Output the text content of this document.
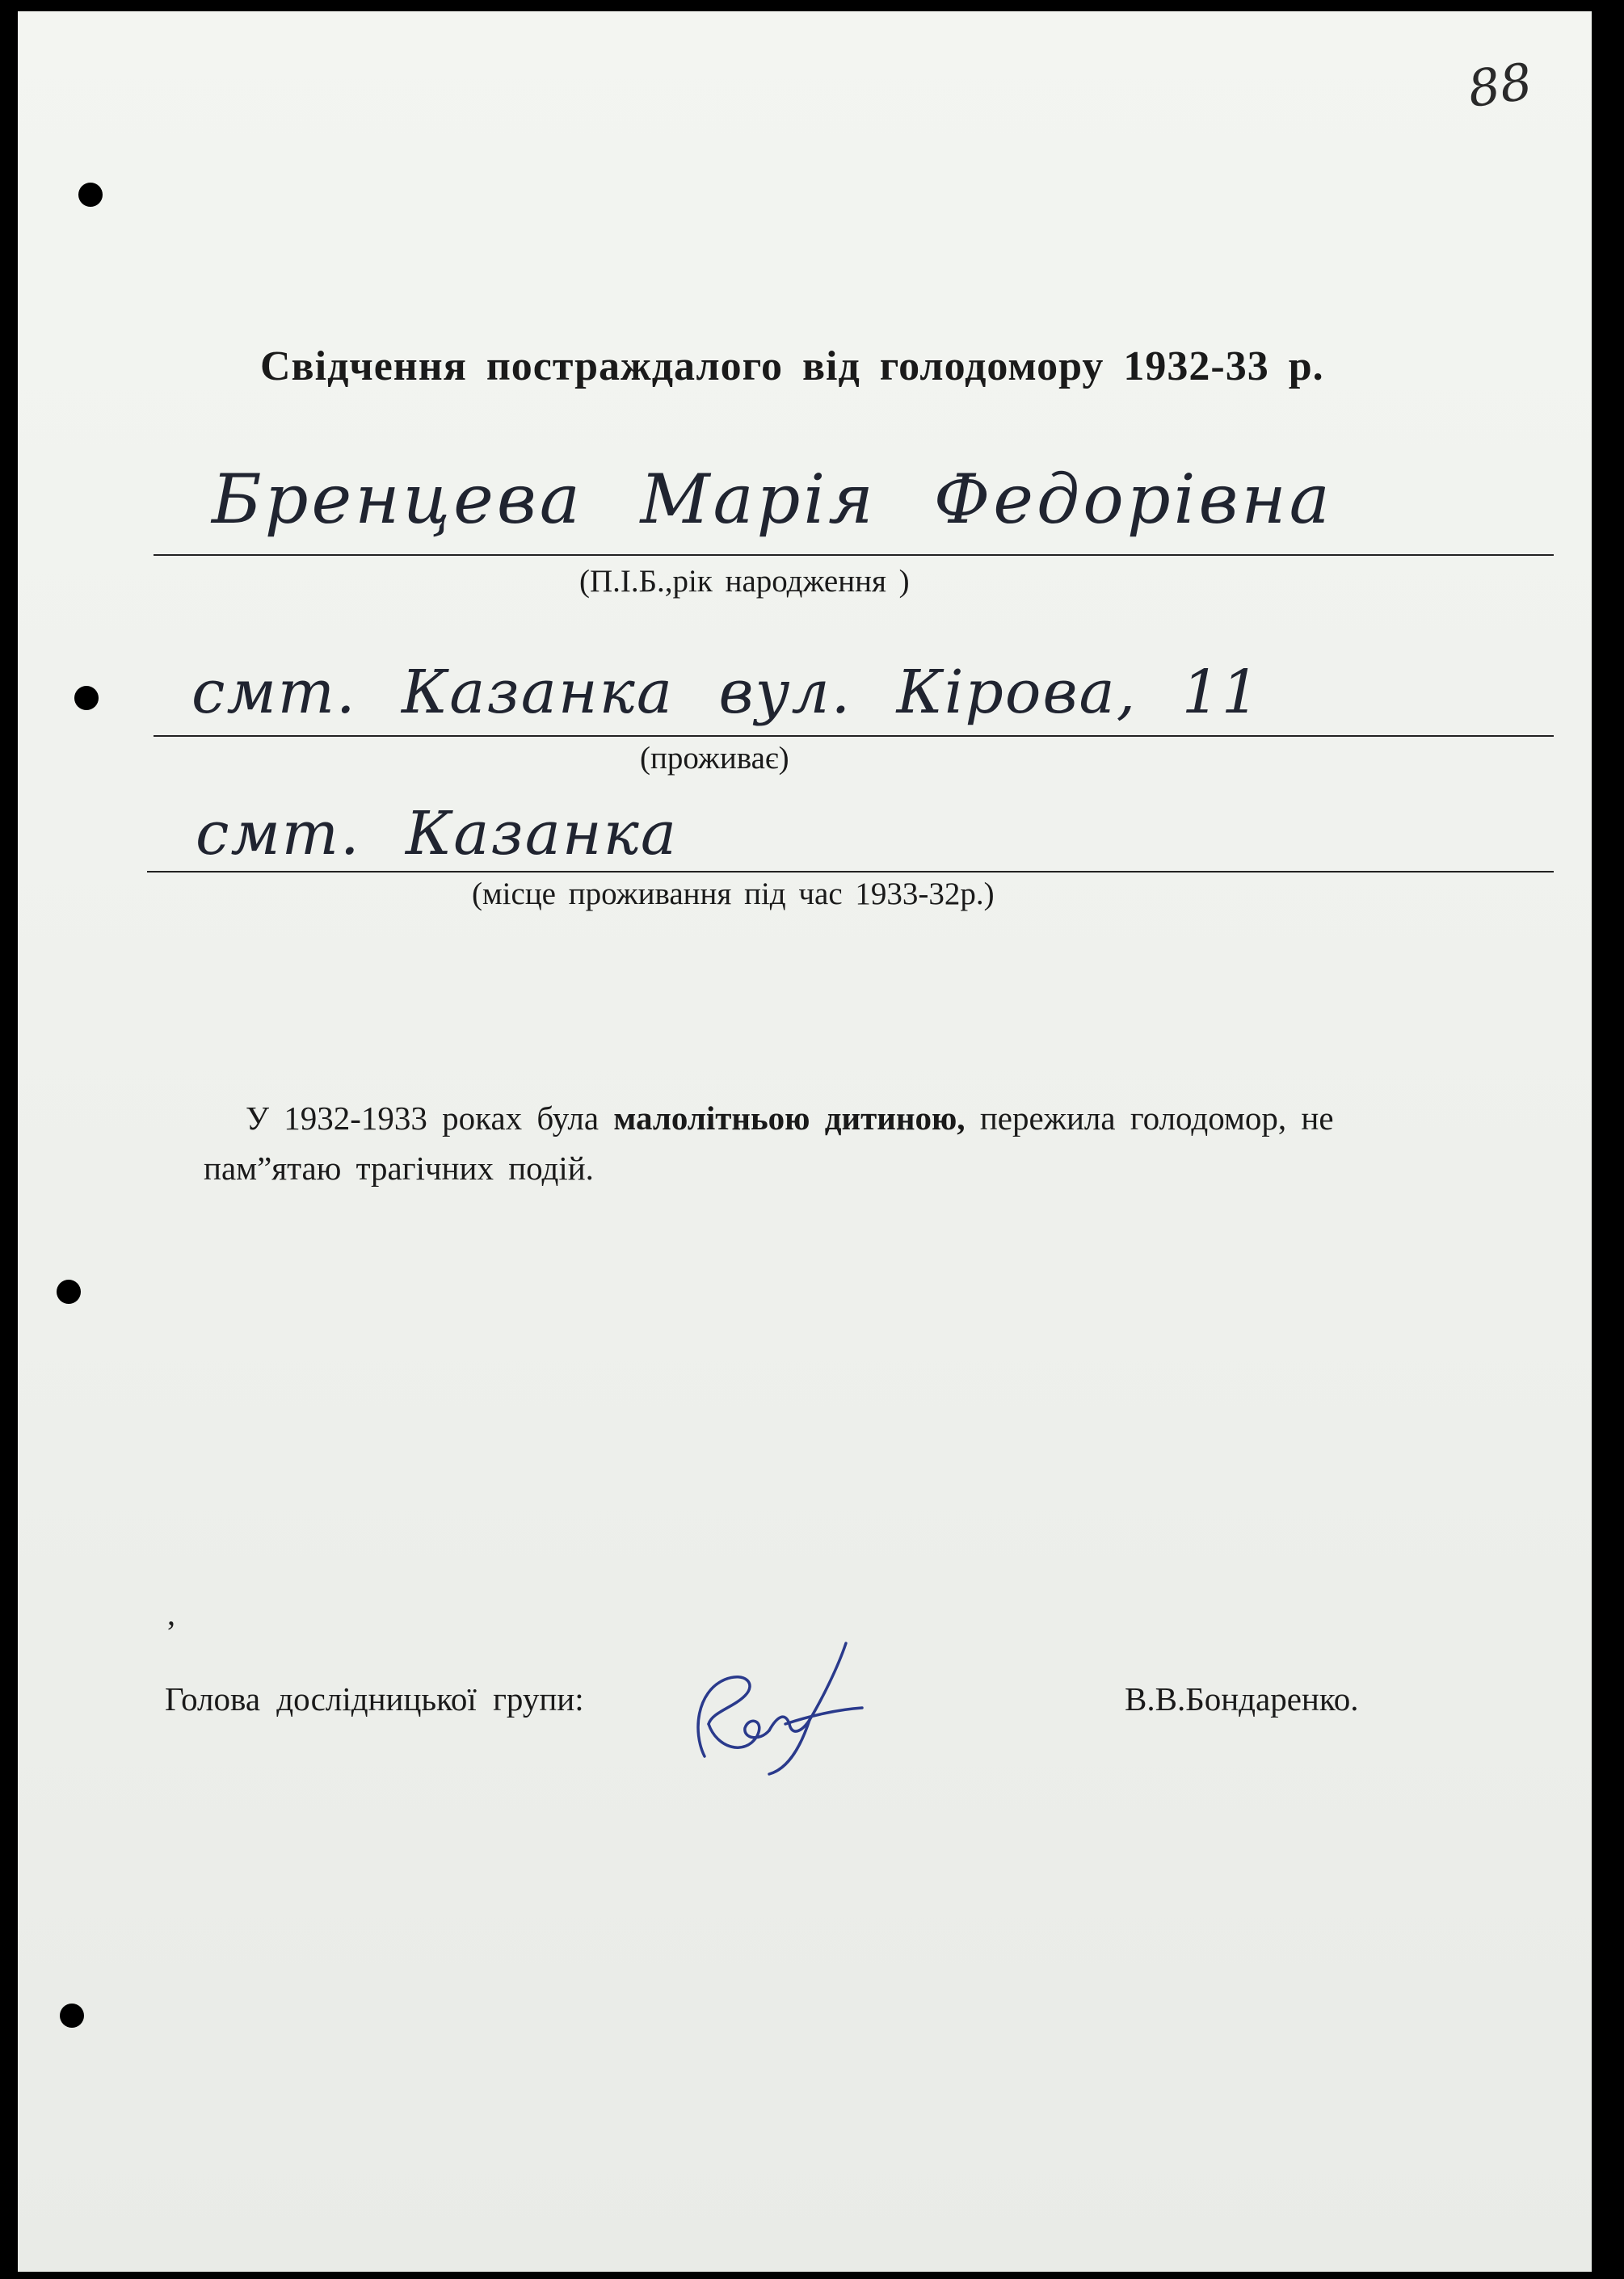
88
Свідчення постраждалого від голодомору 1932-33 р.
Бренцева Марія Федорівна
(П.І.Б.,рік народження )
смт. Казанка вул. Кірова, 11
(проживає)
смт. Казанка
(місце проживання під час 1933-32р.)
У 1932-1933 роках була малолітньою дитиною, пережила голодомор, не пам”ятаю трагічних подій.
,
Голова дослідницької групи:
Бог
В.В.Бондаренко.
